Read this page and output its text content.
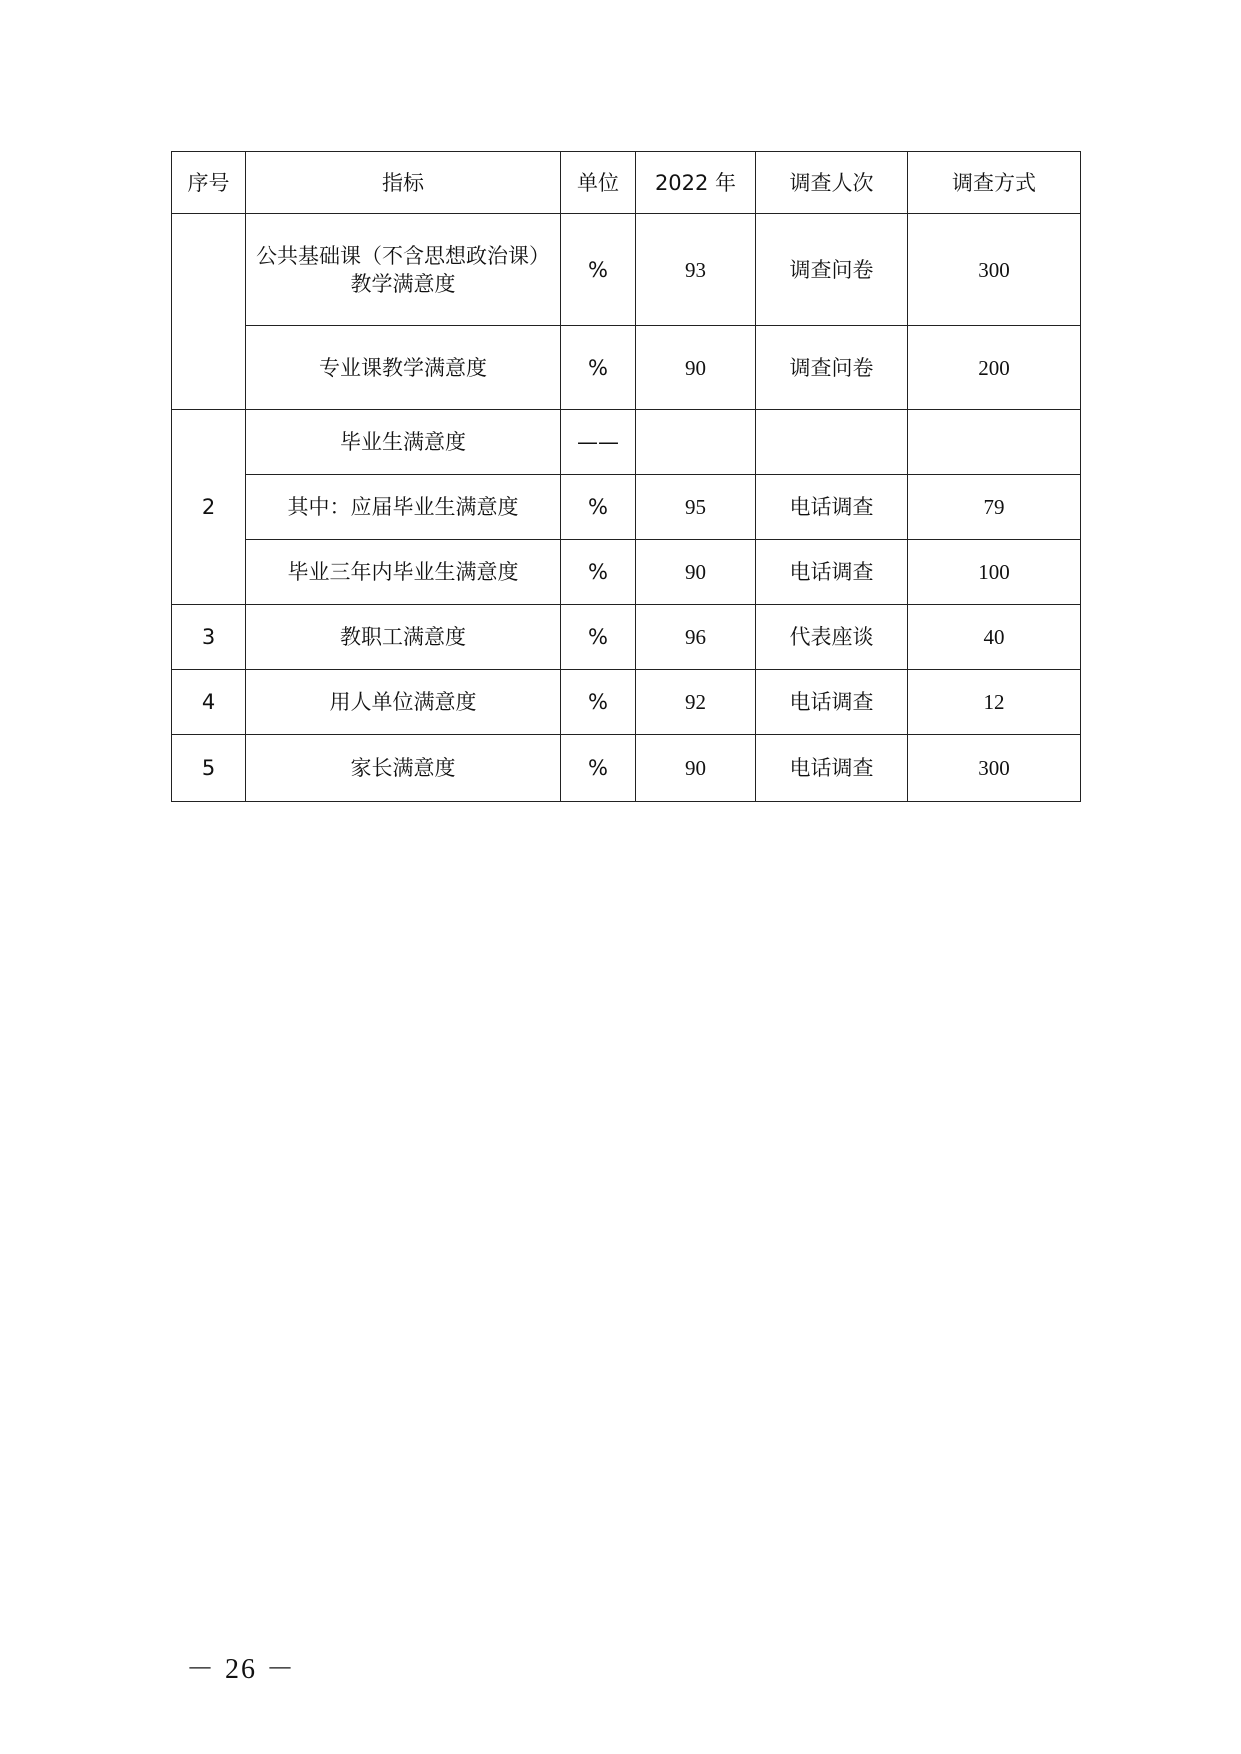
序号	指标	单位	2022 年	调查人次	调查方式
	公共基础课（不含思想政治课）教学满意度	%	93	调查问卷	300
	专业课教学满意度	%	90	调查问卷	200
2	毕业生满意度	——			
	其中：应届毕业生满意度	%	95	电话调查	79
	毕业三年内毕业生满意度	%	90	电话调查	100
3	教职工满意度	%	96	代表座谈	40
4	用人单位满意度	%	92	电话调查	12
5	家长满意度	%	90	电话调查	300
－ 26 －
